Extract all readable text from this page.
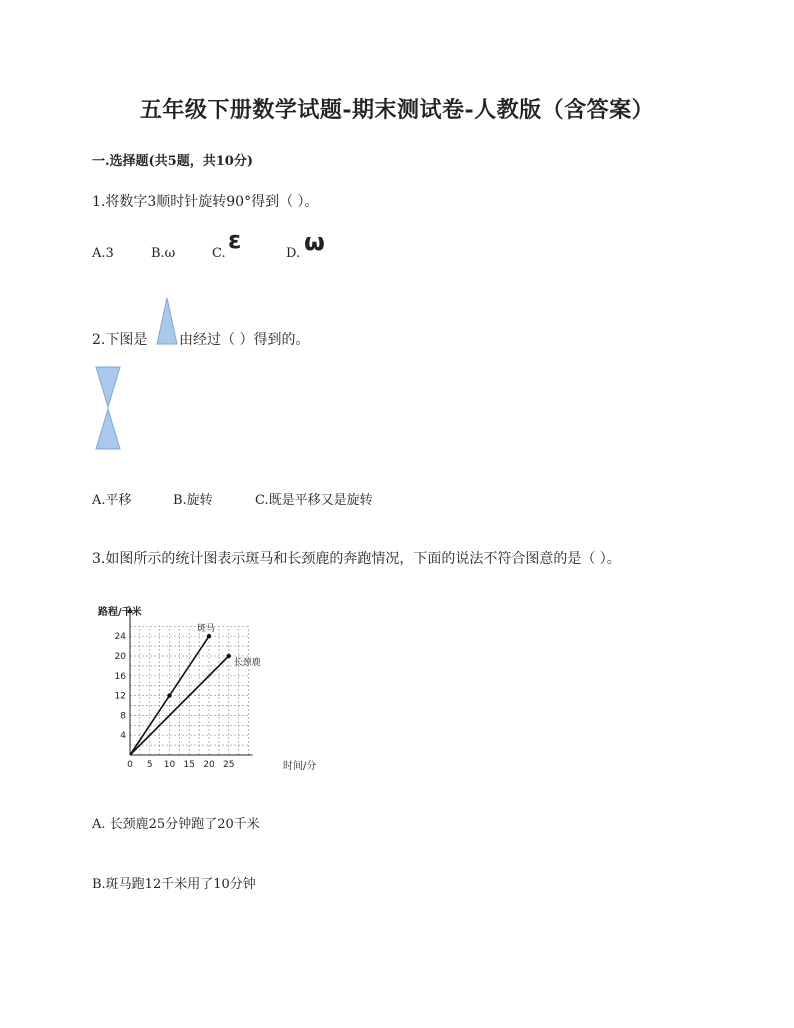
五年级下册数学试题-期末测试卷-人教版（含答案）
一.选择题(共5题，共10分)
1.将数字3顺时针旋转90°得到（ ）。
A.3	B.ω	C. ε	D. ω
2.下图是 由经过（ ）得到的。
A.平移	B.旋转	C.既是平移又是旋转
3.如图所示的统计图表示斑马和长颈鹿的奔跑情况，下面的说法不符合图意的是（ ）。
0 5 10 15 20 25
4
8
12
16
20
24
斑马
长颈鹿
路程/千米
时间/分
A. 长颈鹿25分钟跑了20千米
B.斑马跑12千米用了10分钟
